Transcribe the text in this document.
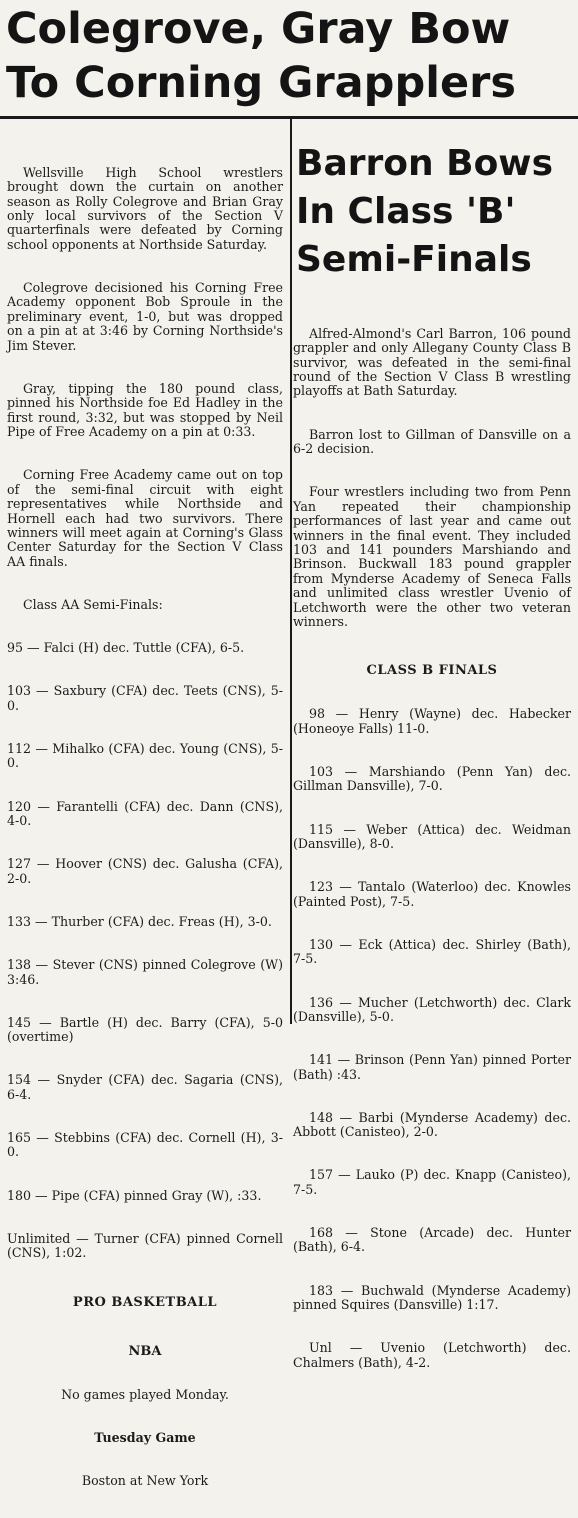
Colegrove, Gray Bow
To Corning Grapplers

Wellsville High School wrestlers brought down the curtain on another season as Rolly Colegrove and Brian Gray only local survivors of the Section V quarterfinals were defeated by Corning school opponents at Northside Saturday.

Colegrove decisioned his Corning Free Academy opponent Bob Sproule in the preliminary event, 1-0, but was dropped on a pin at at 3:46 by Corning Northside's Jim Stever.

Gray, tipping the 180 pound class, pinned his Northside foe Ed Hadley in the first round, 3:32, but was stopped by Neil Pipe of Free Academy on a pin at 0:33.

Corning Free Academy came out on top of the semi-final circuit with eight representatives while Northside and Hornell each had two survivors. There winners will meet again at Corning's Glass Center Saturday for the Section V Class AA finals.

Class AA Semi-Finals:

95 — Falci (H) dec. Tuttle (CFA), 6-5.

103 — Saxbury (CFA) dec. Teets (CNS), 5-0.

112 — Mihalko (CFA) dec. Young (CNS), 5-0.

120 — Farantelli (CFA) dec. Dann (CNS), 4-0.

127 — Hoover (CNS) dec. Galusha (CFA), 2-0.

133 — Thurber (CFA) dec. Freas (H), 3-0.

138 — Stever (CNS) pinned Colegrove (W) 3:46.

145 — Bartle (H) dec. Barry (CFA), 5-0 (overtime)

154 — Snyder (CFA) dec. Sagaria (CNS), 6-4.

165 — Stebbins (CFA) dec. Cornell (H), 3-0.

180 — Pipe (CFA) pinned Gray (W), :33.

Unlimited — Turner (CFA) pinned Cornell (CNS), 1:02.

PRO BASKETBALL

NBA

No games played Monday.

Tuesday Game

Boston at New York

Barron Bows
In Class 'B'
Semi-Finals

Alfred-Almond's Carl Barron, 106 pound grappler and only Allegany County Class B survivor, was defeated in the semi-final round of the Section V Class B wrestling playoffs at Bath Saturday.

Barron lost to Gillman of Dansville on a 6-2 decision.

Four wrestlers including two from Penn Yan repeated their championship performances of last year and came out winners in the final event. They included 103 and 141 pounders Marshiando and Brinson. Buckwall 183 pound grappler from Mynderse Academy of Seneca Falls and unlimited class wrestler Uvenio of Letchworth were the other two veteran winners.

CLASS B FINALS

98 — Henry (Wayne) dec. Habecker (Honeoye Falls) 11-0.

103 — Marshiando (Penn Yan) dec. Gillman Dansville), 7-0.

115 — Weber (Attica) dec. Weidman (Dansville), 8-0.

123 — Tantalo (Waterloo) dec. Knowles (Painted Post), 7-5.

130 — Eck (Attica) dec. Shirley (Bath), 7-5.

136 — Mucher (Letchworth) dec. Clark (Dansville), 5-0.

141 — Brinson (Penn Yan) pinned Porter (Bath) :43.

148 — Barbi (Mynderse Academy) dec. Abbott (Canisteo), 2-0.

157 — Lauko (P) dec. Knapp (Canisteo), 7-5.

168 — Stone (Arcade) dec. Hunter (Bath), 6-4.

183 — Buchwald (Mynderse Academy) pinned Squires (Dansville) 1:17.

Unl — Uvenio (Letchworth) dec. Chalmers (Bath), 4-2.
